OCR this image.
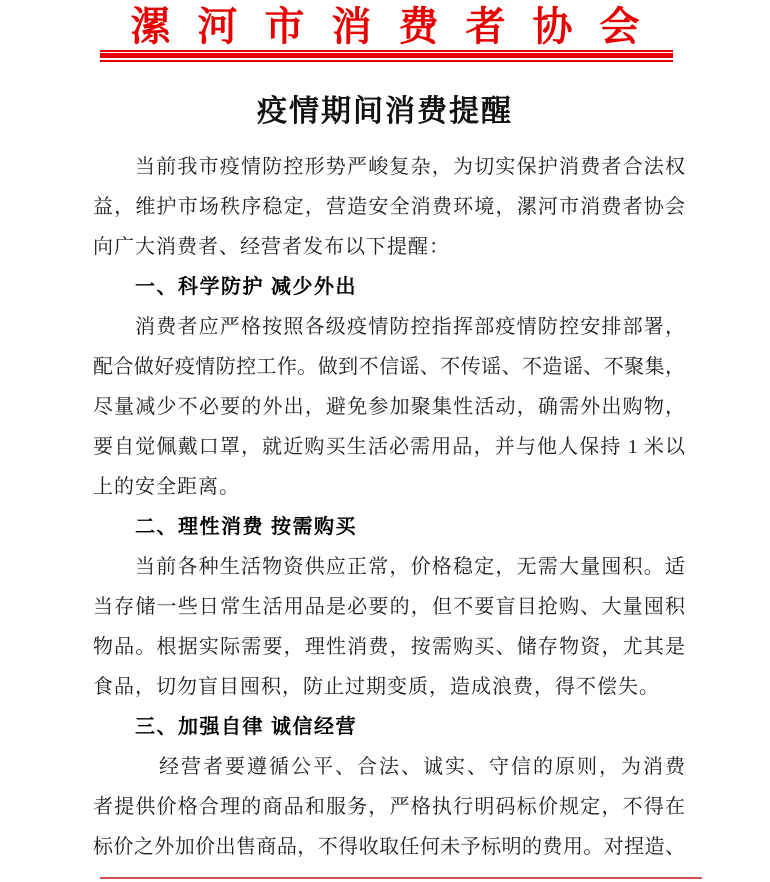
漯河市消费者协会
疫情期间消费提醒
当前我市疫情防控形势严峻复杂，为切实保护消费者合法权
益，维护市场秩序稳定，营造安全消费环境，漯河市消费者协会
向广大消费者、经营者发布以下提醒：
一、科学防护 减少外出
消费者应严格按照各级疫情防控指挥部疫情防控安排部署，
配合做好疫情防控工作。做到不信谣、不传谣、不造谣、不聚集，
尽量减少不必要的外出，避免参加聚集性活动，确需外出购物，
要自觉佩戴口罩，就近购买生活必需用品，并与他人保持 1 米以
上的安全距离。
二、理性消费 按需购买
当前各种生活物资供应正常，价格稳定，无需大量囤积。适
当存储一些日常生活用品是必要的，但不要盲目抢购、大量囤积
物品。根据实际需要，理性消费，按需购买、储存物资，尤其是
食品，切勿盲目囤积，防止过期变质，造成浪费，得不偿失。
三、加强自律 诚信经营
经营者要遵循公平、合法、诚实、守信的原则，为消费
者提供价格合理的商品和服务，严格执行明码标价规定，不得在
标价之外加价出售商品，不得收取任何未予标明的费用。对捏造、
